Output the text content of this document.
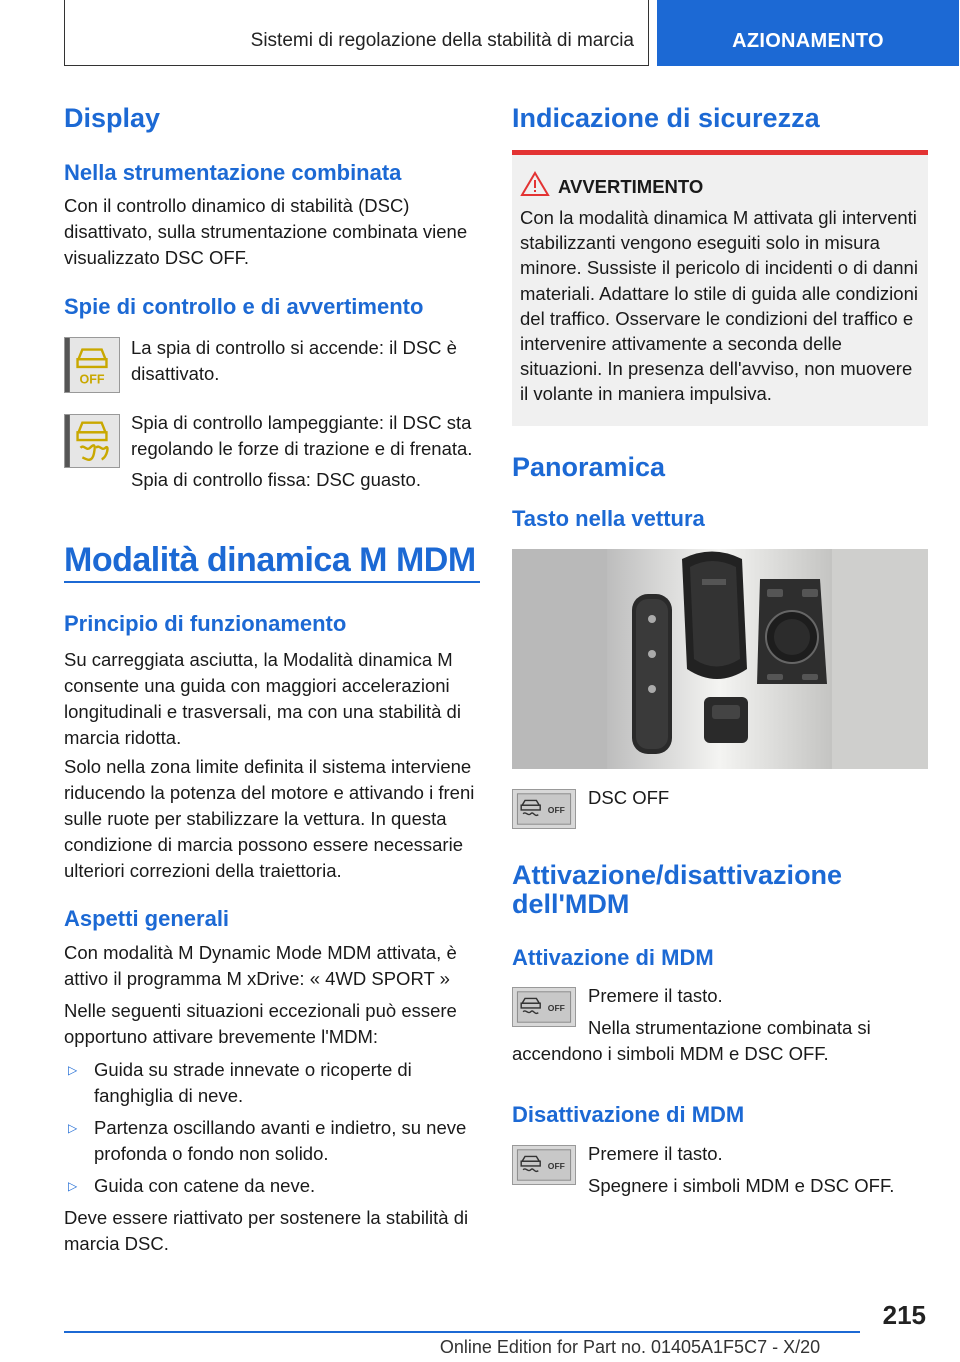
Sistemi di regolazione della stabilità di marcia	AZIONAMENTO
Display
Nella strumentazione combinata
Con il controllo dinamico di stabilità (DSC) disattivato, sulla strumentazione combinata viene visualizzato DSC OFF.
Spie di controllo e di avvertimento
OFF
La spia di controllo si accende: il DSC è disattivato.
Spia di controllo lampeggiante: il DSC sta regolando le forze di trazione e di frenata.
Spia di controllo fissa: DSC guasto.
Modalità dinamica M MDM
Principio di funzionamento
Su carreggiata asciutta, la Modalità dinamica M consente una guida con maggiori accelerazioni longitudinali e trasversali, ma con una stabilità di marcia ridotta.
Solo nella zona limite definita il sistema interviene riducendo la potenza del motore e attivando i freni sulle ruote per stabilizzare la vettura. In questa condizione di marcia possono essere necessarie ulteriori correzioni della traiettoria.
Aspetti generali
Con modalità M Dynamic Mode MDM attivata, è attivo il programma M xDrive: « 4WD SPORT »
Nelle seguenti situazioni eccezionali può essere opportuno attivare brevemente l'MDM:
▷ Guida su strade innevate o ricoperte di fanghiglia di neve.
▷ Partenza oscillando avanti e indietro, su neve profonda o fondo non solido.
▷ Guida con catene da neve.
Deve essere riattivato per sostenere la stabilità di marcia DSC.
Indicazione di sicurezza
AVVERTIMENTO
Con la modalità dinamica M attivata gli interventi stabilizzanti vengono eseguiti solo in misura minore. Sussiste il pericolo di incidenti o di danni materiali. Adattare lo stile di guida alle condizioni del traffico. Osservare le condizioni del traffico e intervenire attivamente a seconda delle situazioni. In presenza dell'avviso, non muovere il volante in maniera impulsiva.
Panoramica
Tasto nella vettura
OFF
DSC OFF
Attivazione/disattivazione
dell'MDM
Attivazione di MDM
OFF
Premere il tasto.
Nella strumentazione combinata si accendono i simboli MDM e DSC OFF.
Disattivazione di MDM
OFF
Premere il tasto.
Spegnere i simboli MDM e DSC OFF.
215
Online Edition for Part no. 01405A1F5C7 - X/20
